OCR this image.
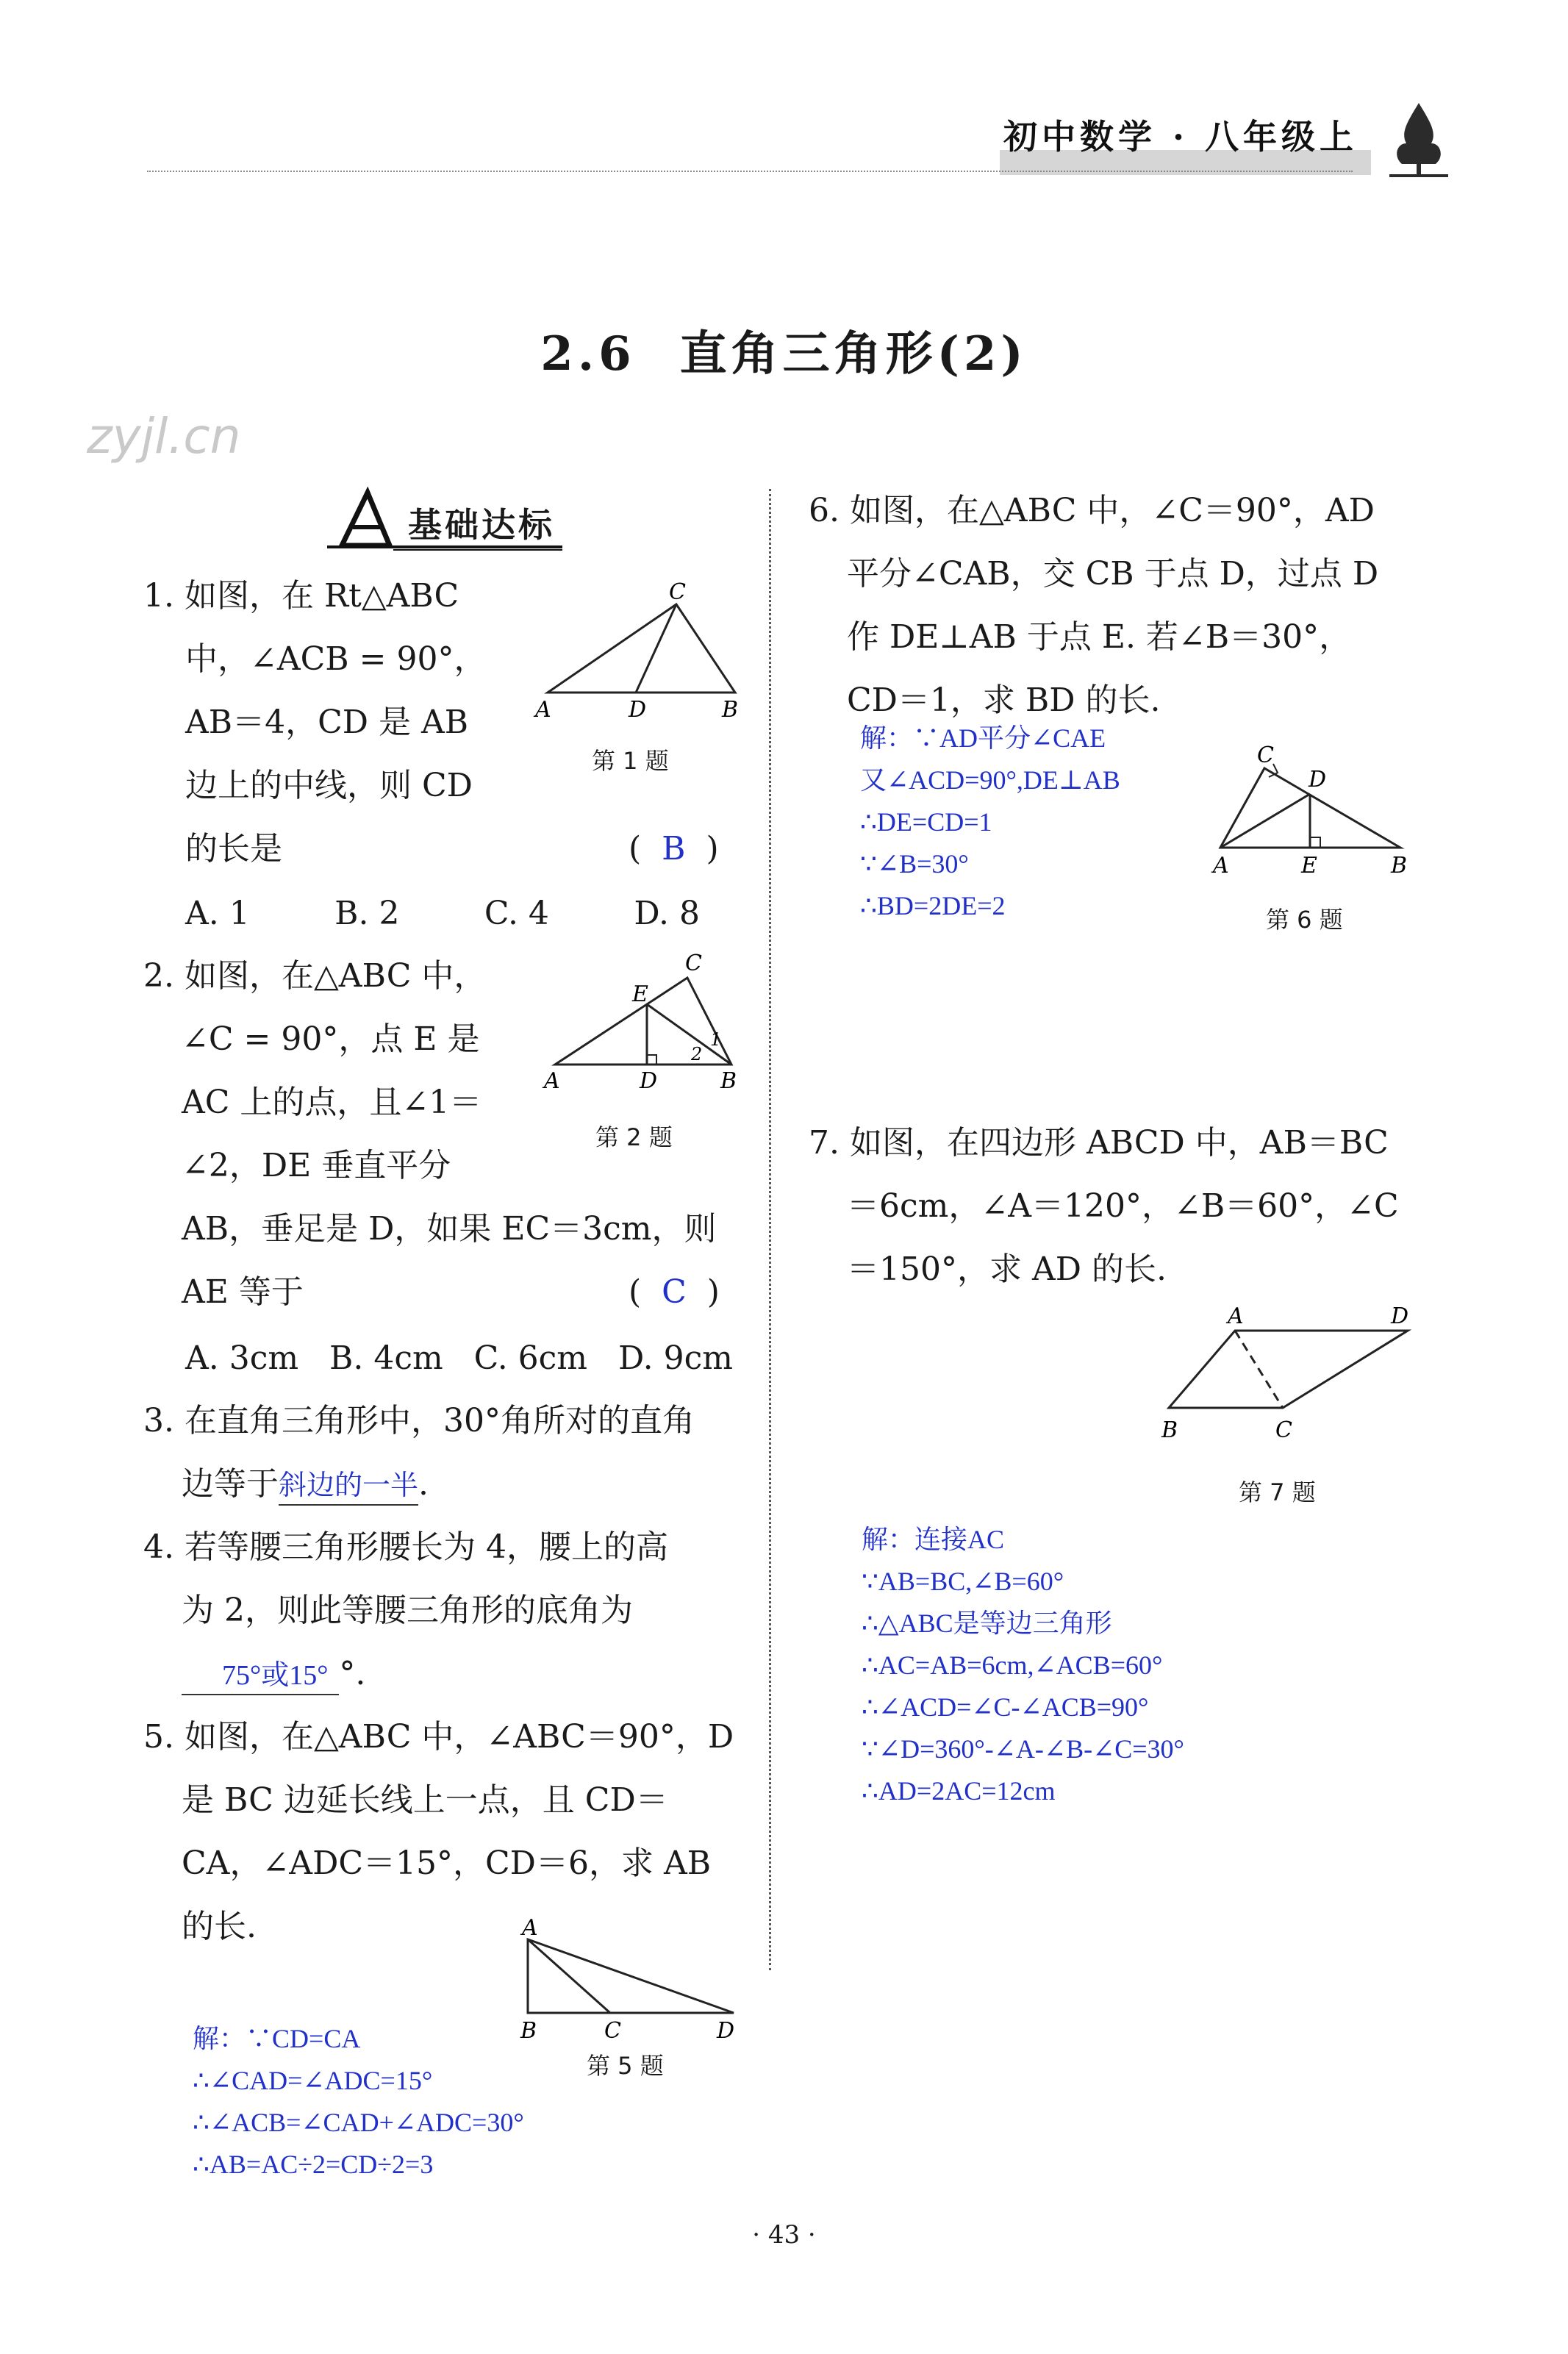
初中数学 · 八年级上
2.6 直角三角形(2)
zyjl.cn
基础达标
1. 如图，在 Rt△ABC
中，∠ACB = 90°，
AB＝4，CD 是 AB
边上的中线，则 CD
的长是	(  B  )
A. 1	B. 2	C. 4	D. 8
A	B
C
D
第 1 题
2. 如图，在△ABC 中，
∠C = 90°，点 E 是
AC 上的点，且∠1＝
∠2，DE 垂直平分
AB，垂足是 D，如果 EC＝3cm，则
AE 等于	(  C  )
A. 3cm B. 4cm C. 6cm D. 9cm
A	B
C
D
E
1
2
第 2 题
3. 在直角三角形中，30°角所对的直角
边等于斜边的一半.
4. 若等腰三角形腰长为 4，腰上的高
为 2，则此等腰三角形的底角为
75°或15° °.
5. 如图，在△ABC 中，∠ABC＝90°，D
是 BC 边延长线上一点，且 CD＝
CA，∠ADC＝15°，CD＝6，求 AB
的长.	A
B	C	D
第 5 题
解：∵CD=CA
∴∠CAD=∠ADC=15°
∴∠ACB=∠CAD+∠ADC=30°
∴AB=AC÷2=CD÷2=3
6. 如图，在△ABC 中，∠C＝90°，AD
平分∠CAB，交 CB 于点 D，过点 D
作 DE⊥AB 于点 E. 若∠B＝30°，
CD＝1，求 BD 的长.
解：∵AD平分∠CAE
又∠ACD=90°,DE⊥AB
∴DE=CD=1
∵∠B=30°
∴BD=2DE=2
A	B
C
D
E
第 6 题
7. 如图，在四边形 ABCD 中，AB＝BC
＝6cm，∠A＝120°，∠B＝60°，∠C
＝150°，求 AD 的长.
A
B	C
D
第 7 题
解：连接AC
∵AB=BC,∠B=60°
∴△ABC是等边三角形
∴AC=AB=6cm,∠ACB=60°
∴∠ACD=∠C-∠ACB=90°
∵∠D=360°-∠A-∠B-∠C=30°
∴AD=2AC=12cm
· 43 ·
